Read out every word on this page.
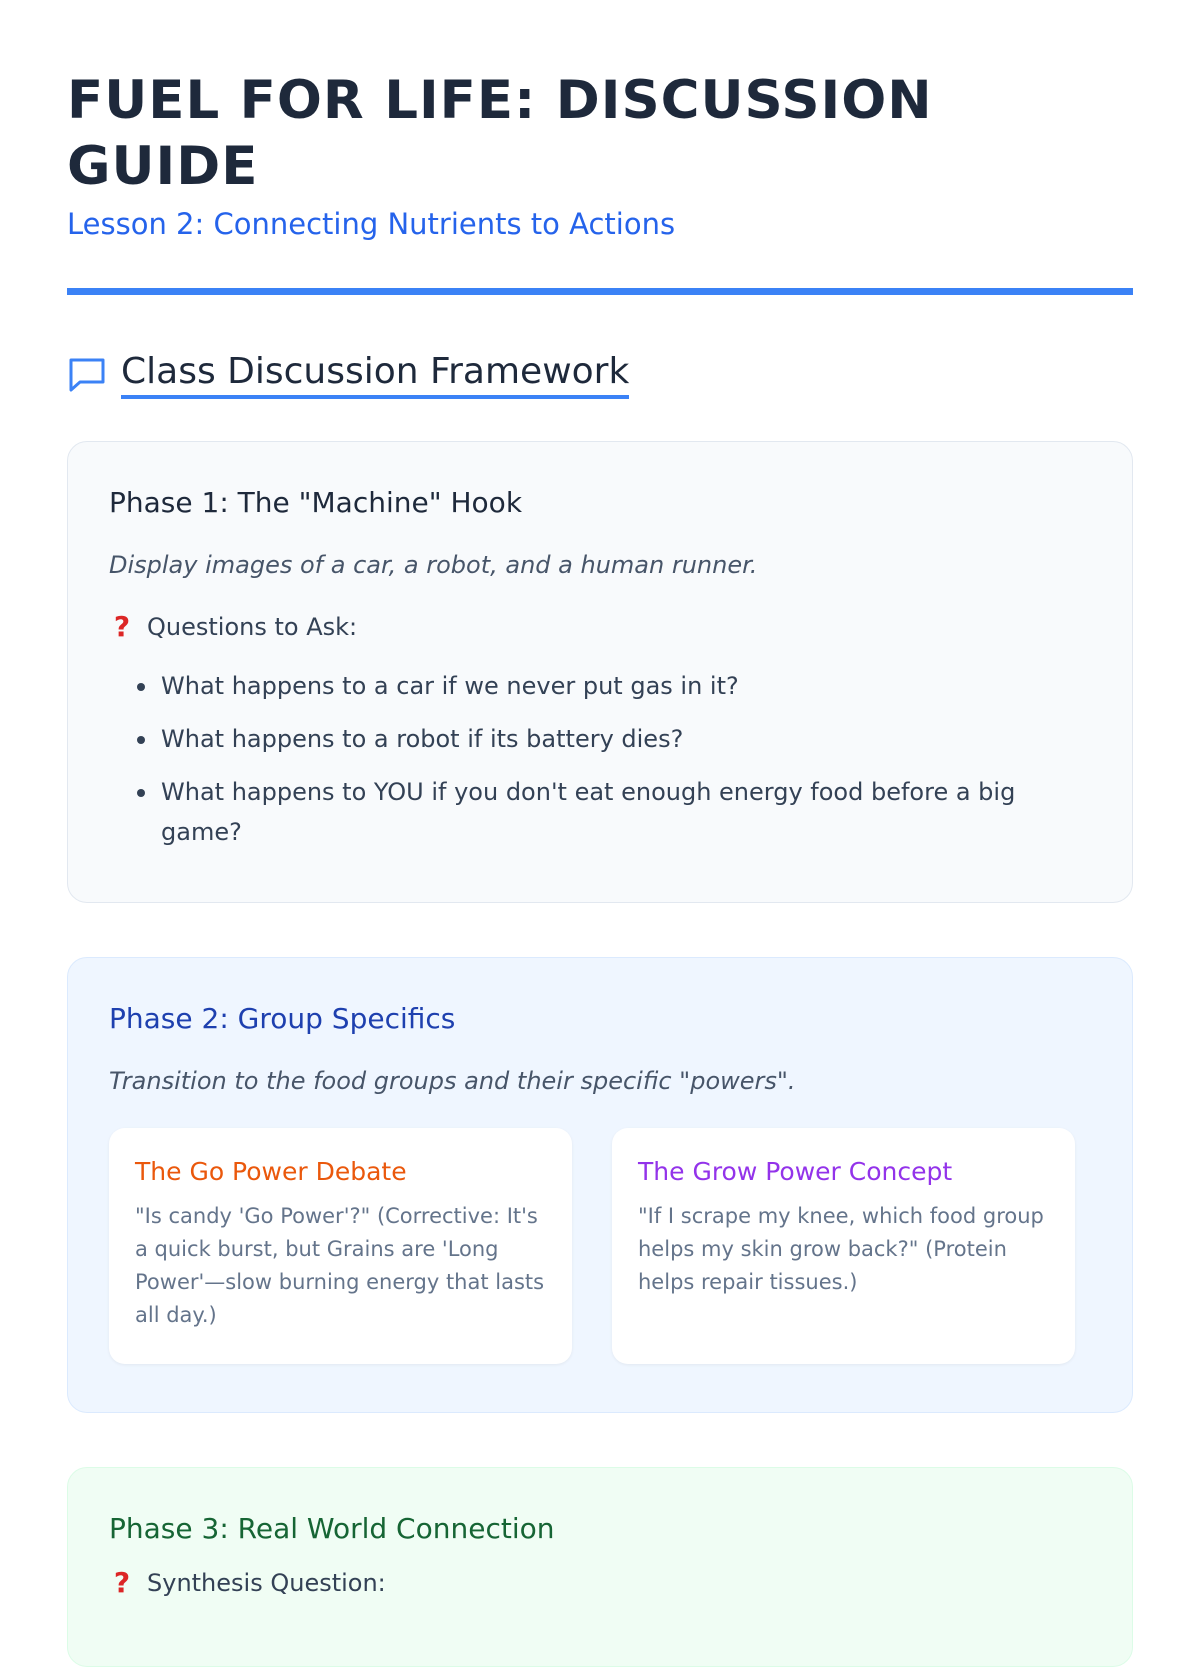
FUEL FOR LIFE: DISCUSSION GUIDE
Lesson 2: Connecting Nutrients to Actions
Class Discussion Framework
Phase 1: The "Machine" Hook
Display images of a car, a robot, and a human runner.
? Questions to Ask:
What happens to a car if we never put gas in it?
What happens to a robot if its battery dies?
What happens to YOU if you don't eat enough energy food before a big game?
Phase 2: Group Specifics
Transition to the food groups and their specific "powers".
The Go Power Debate
"Is candy 'Go Power'?" (Corrective: It's a quick burst, but Grains are 'Long Power'—slow burning energy that lasts all day.)
The Grow Power Concept
"If I scrape my knee, which food group helps my skin grow back?" (Protein helps repair tissues.)
Phase 3: Real World Connection
? Synthesis Question:
